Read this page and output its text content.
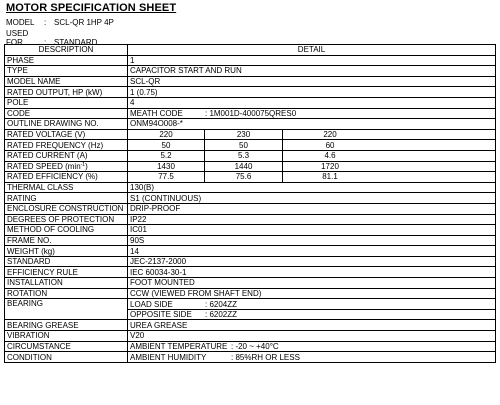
MOTOR SPECIFICATION SHEET
MODEL : SCL-QR 1HP 4P
USED FOR	: STANDARD
DESCRIPTION	DETAIL		
PHASE	1		
TYPE	CAPACITOR START AND RUN		
MODEL NAME	SCL-QR		
RATED OUTPUT, HP (kW)	1 (0.75)		
POLE	4		
CODE	MEATH CODE : 1M001D-400075QRES0		
OUTLINE DRAWING NO.	ONM94O008-*		
RATED VOLTAGE (V)	220	230	220
RATED FREQUENCY (Hz)	50	50	60
RATED CURRENT (A)	5.2	5.3	4.6
RATED SPEED $(\min^{-1})$	1430	1440	1720
RATED EFFICIENCY (%)	77.5	75.6	81.1
THERMAL CLASS	130(B)		
RATING	S1 (CONTINUOUS)		
ENCLOSURE CONSTRUCTION	DRIP-PROOF		
DEGREES OF PROTECTION	IP22		
METHOD OF COOLING	IC01		
FRAME NO.	90S		
WEIGHT (kg)	14		
STANDARD	JEC-2137-2000		
EFFICIENCY RULE	IEC 60034-30-1		
INSTALLATION	FOOT MOUNTED		
ROTATION	CCW (VIEWED FROM SHAFT END)		
BEARING	LOAD SIDE : 6204ZZ		
	OPPOSITE SIDE : 6202ZZ		
BEARING GREASE	UREA GREASE		
VIBRATION	V20		
CIRCUMSTANCE	AMBIENT TEMPERATURE : -20 ~ +40°C		
CONDITION	AMBIENT HUMIDITY : 85%RH OR LESS		
